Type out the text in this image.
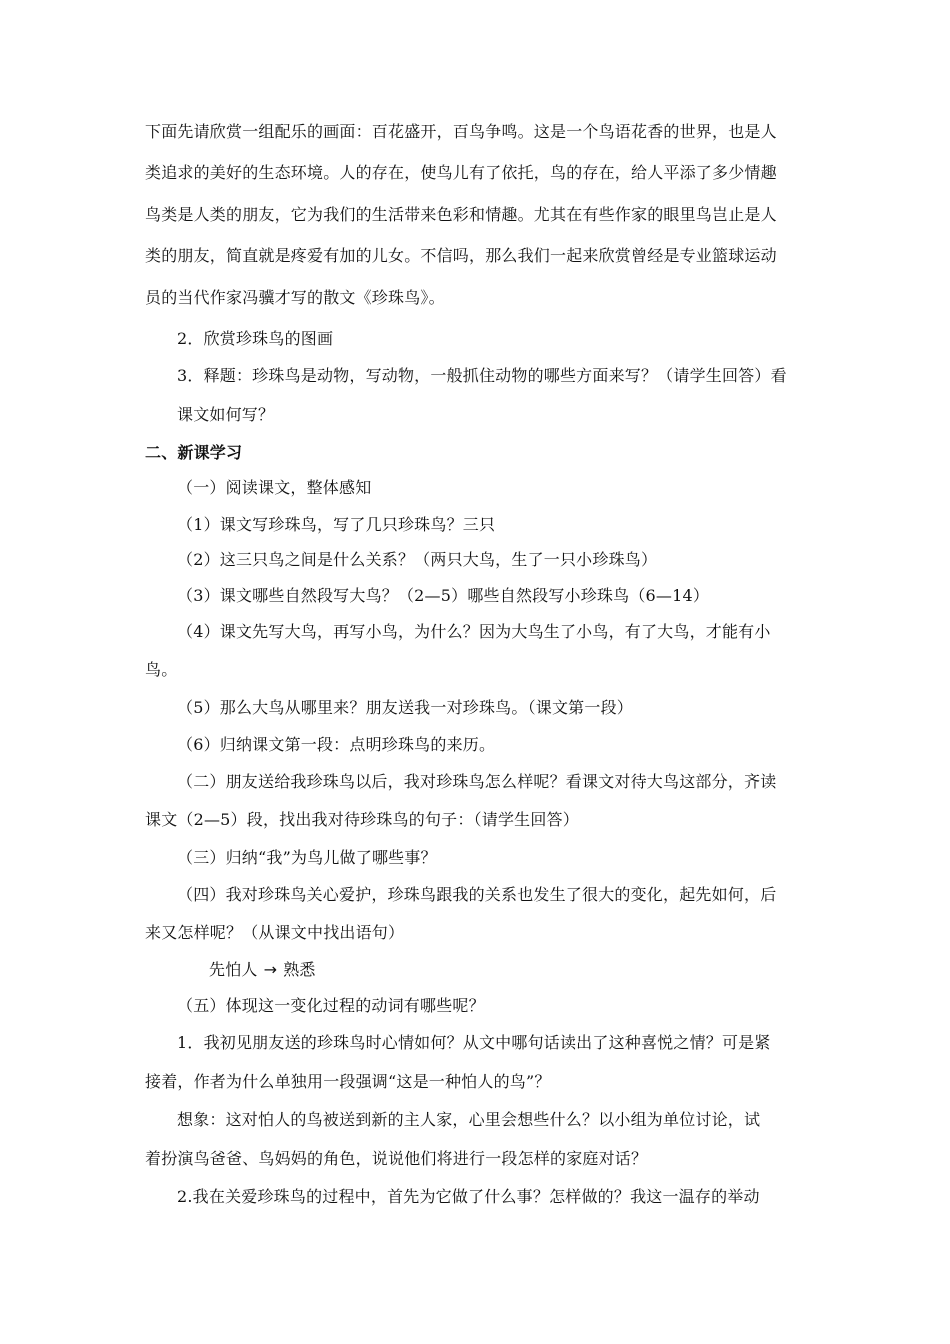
下面先请欣赏一组配乐的画面：百花盛开，百鸟争鸣。这是一个鸟语花香的世界，也是人
类追求的美好的生态环境。人的存在，使鸟儿有了依托，鸟的存在，给人平添了多少情趣
鸟类是人类的朋友，它为我们的生活带来色彩和情趣。尤其在有些作家的眼里鸟岂止是人
类的朋友，简直就是疼爱有加的儿女。不信吗，那么我们一起来欣赏曾经是专业篮球运动
员的当代作家冯骥才写的散文《珍珠鸟》。
2．欣赏珍珠鸟的图画
3．释题：珍珠鸟是动物，写动物，一般抓住动物的哪些方面来写？（请学生回答）看
课文如何写？
二、新课学习
（一）阅读课文，整体感知
（1）课文写珍珠鸟，写了几只珍珠鸟？三只
（2）这三只鸟之间是什么关系？（两只大鸟，生了一只小珍珠鸟）
（3）课文哪些自然段写大鸟？（2—5）哪些自然段写小珍珠鸟（6—14）
（4）课文先写大鸟，再写小鸟，为什么？因为大鸟生了小鸟，有了大鸟，才能有小
鸟。
（5）那么大鸟从哪里来？朋友送我一对珍珠鸟。（课文第一段）
（6）归纳课文第一段：点明珍珠鸟的来历。
（二）朋友送给我珍珠鸟以后，我对珍珠鸟怎么样呢？看课文对待大鸟这部分，齐读
课文（2—5）段，找出我对待珍珠鸟的句子：（请学生回答）
（三）归纳“我”为鸟儿做了哪些事？
（四）我对珍珠鸟关心爱护，珍珠鸟跟我的关系也发生了很大的变化，起先如何，后
来又怎样呢？（从课文中找出语句）
先怕人 → 熟悉
（五）体现这一变化过程的动词有哪些呢？
1．我初见朋友送的珍珠鸟时心情如何？从文中哪句话读出了这种喜悦之情？可是紧
接着，作者为什么单独用一段强调“这是一种怕人的鸟”？
想象：这对怕人的鸟被送到新的主人家，心里会想些什么？以小组为单位讨论，试
着扮演鸟爸爸、鸟妈妈的角色，说说他们将进行一段怎样的家庭对话？
2.我在关爱珍珠鸟的过程中，首先为它做了什么事？怎样做的？我这一温存的举动
